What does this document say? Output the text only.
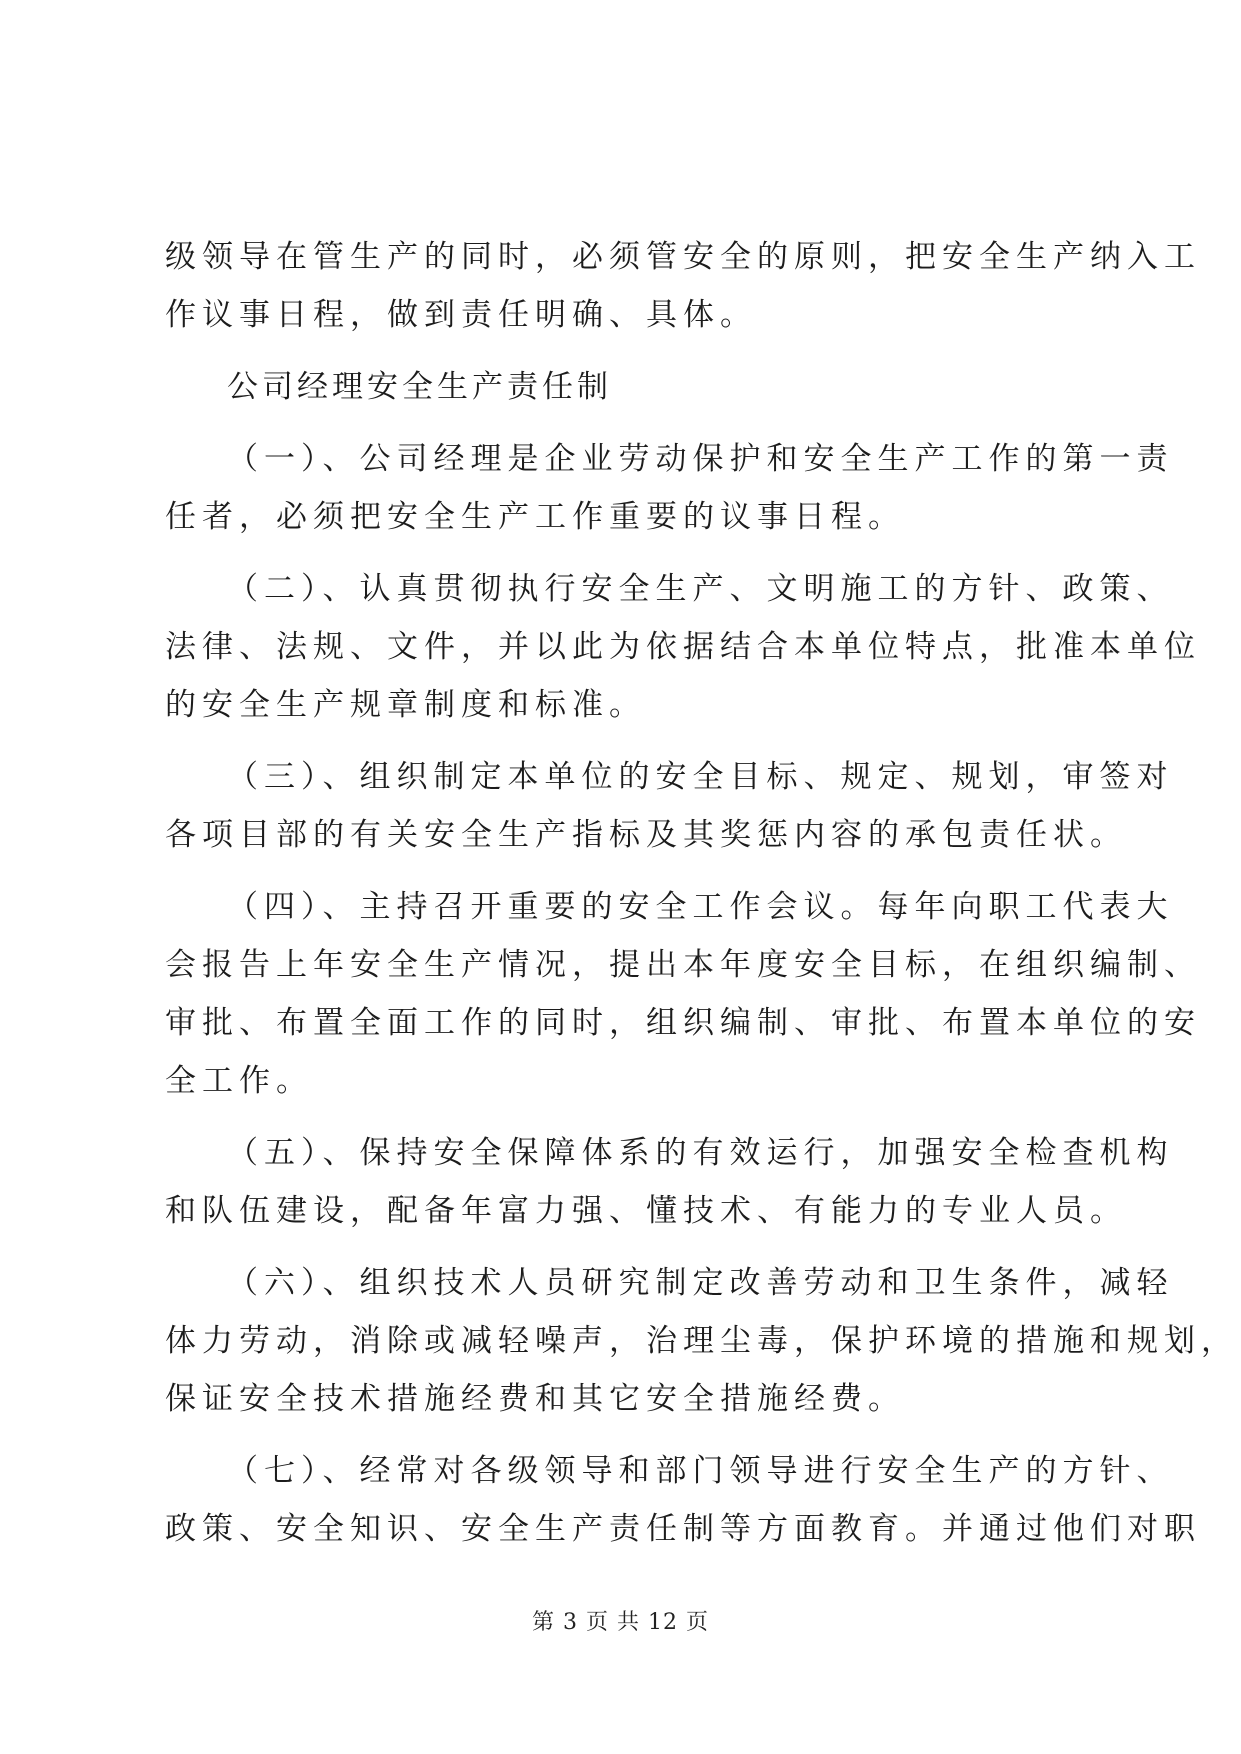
级领导在管生产的同时，必须管安全的原则，把安全生产纳入工
作议事日程，做到责任明确、具体。
公司经理安全生产责任制
（一）、公司经理是企业劳动保护和安全生产工作的第一责
任者，必须把安全生产工作重要的议事日程。
（二）、认真贯彻执行安全生产、文明施工的方针、政策、
法律、法规、文件，并以此为依据结合本单位特点，批准本单位
的安全生产规章制度和标准。
（三）、组织制定本单位的安全目标、规定、规划，审签对
各项目部的有关安全生产指标及其奖惩内容的承包责任状。
（四）、主持召开重要的安全工作会议。每年向职工代表大
会报告上年安全生产情况，提出本年度安全目标，在组织编制、
审批、布置全面工作的同时，组织编制、审批、布置本单位的安
全工作。
（五）、保持安全保障体系的有效运行，加强安全检查机构
和队伍建设，配备年富力强、懂技术、有能力的专业人员。
（六）、组织技术人员研究制定改善劳动和卫生条件，减轻
体力劳动，消除或减轻噪声，治理尘毒，保护环境的措施和规划，
保证安全技术措施经费和其它安全措施经费。
（七）、经常对各级领导和部门领导进行安全生产的方针、
政策、安全知识、安全生产责任制等方面教育。并通过他们对职
第 3 页 共 12 页
